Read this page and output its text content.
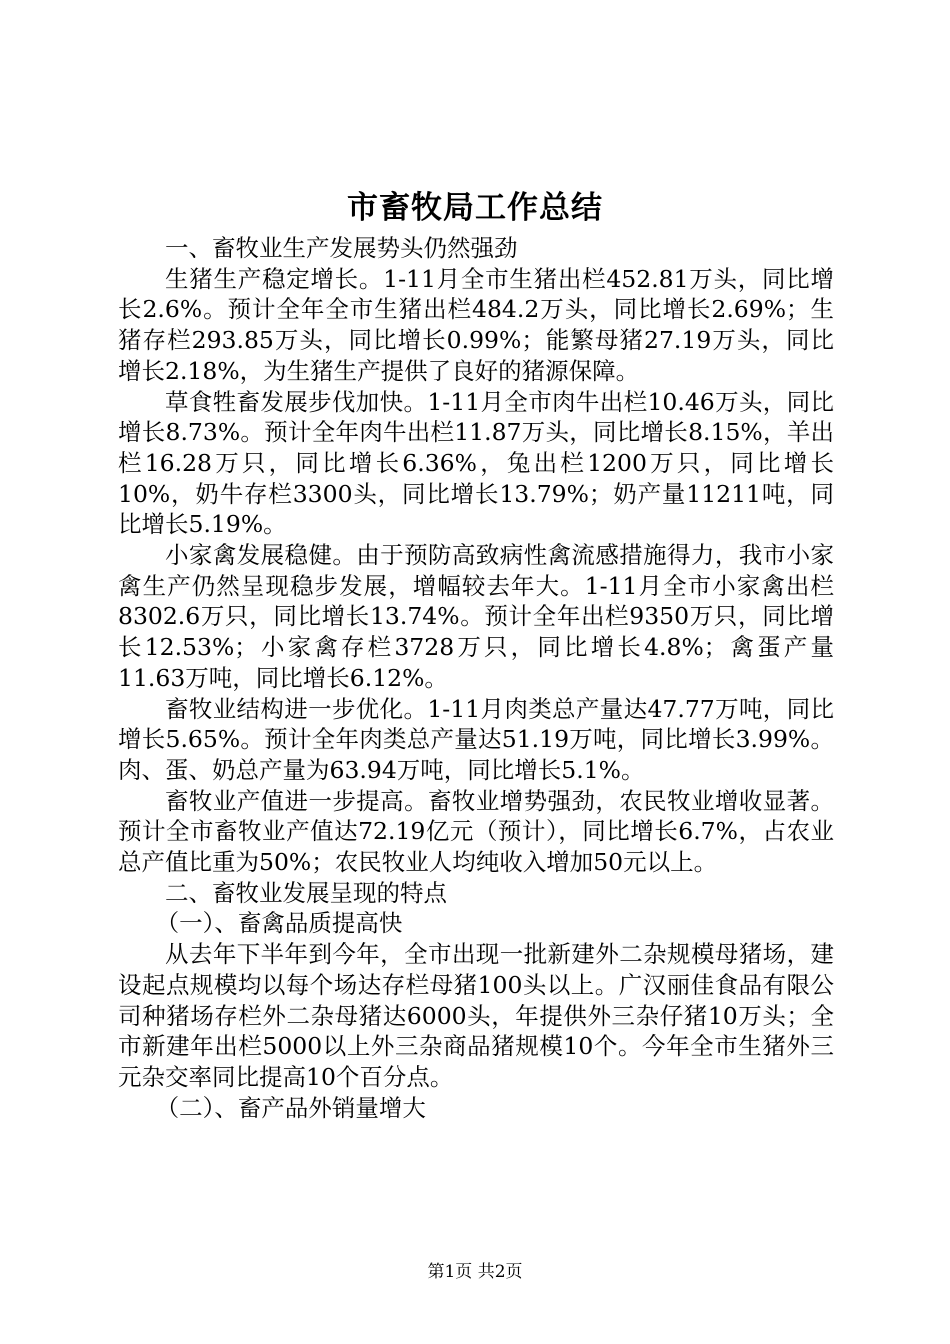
市畜牧局工作总结

一、畜牧业生产发展势头仍然强劲

生猪生产稳定增长。1-11月全市生猪出栏452.81万头，同比增长2.6%。预计全年全市生猪出栏484.2万头，同比增长2.69%；生猪存栏293.85万头，同比增长0.99%；能繁母猪27.19万头，同比增长2.18%，为生猪生产提供了良好的猪源保障。

草食牲畜发展步伐加快。1-11月全市肉牛出栏10.46万头，同比增长8.73%。预计全年肉牛出栏11.87万头，同比增长8.15%，羊出栏16.28万只，同比增长6.36%，兔出栏1200万只，同比增长10%，奶牛存栏3300头，同比增长13.79%；奶产量11211吨，同比增长5.19%。

小家禽发展稳健。由于预防高致病性禽流感措施得力，我市小家禽生产仍然呈现稳步发展，增幅较去年大。1-11月全市小家禽出栏8302.6万只，同比增长13.74%。预计全年出栏9350万只，同比增长12.53%；小家禽存栏3728万只，同比增长4.8%；禽蛋产量11.63万吨，同比增长6.12%。

畜牧业结构进一步优化。1-11月肉类总产量达47.77万吨，同比增长5.65%。预计全年肉类总产量达51.19万吨，同比增长3.99%。肉、蛋、奶总产量为63.94万吨，同比增长5.1%。

畜牧业产值进一步提高。畜牧业增势强劲，农民牧业增收显著。预计全市畜牧业产值达72.19亿元（预计），同比增长6.7%，占农业总产值比重为50%；农民牧业人均纯收入增加50元以上。

二、畜牧业发展呈现的特点

（一）、畜禽品质提高快

从去年下半年到今年，全市出现一批新建外二杂规模母猪场，建设起点规模均以每个场达存栏母猪100头以上。广汉丽佳食品有限公司种猪场存栏外二杂母猪达6000头，年提供外三杂仔猪10万头；全市新建年出栏5000以上外三杂商品猪规模10个。今年全市生猪外三元杂交率同比提高10个百分点。

（二）、畜产品外销量增大

第1页 共2页
